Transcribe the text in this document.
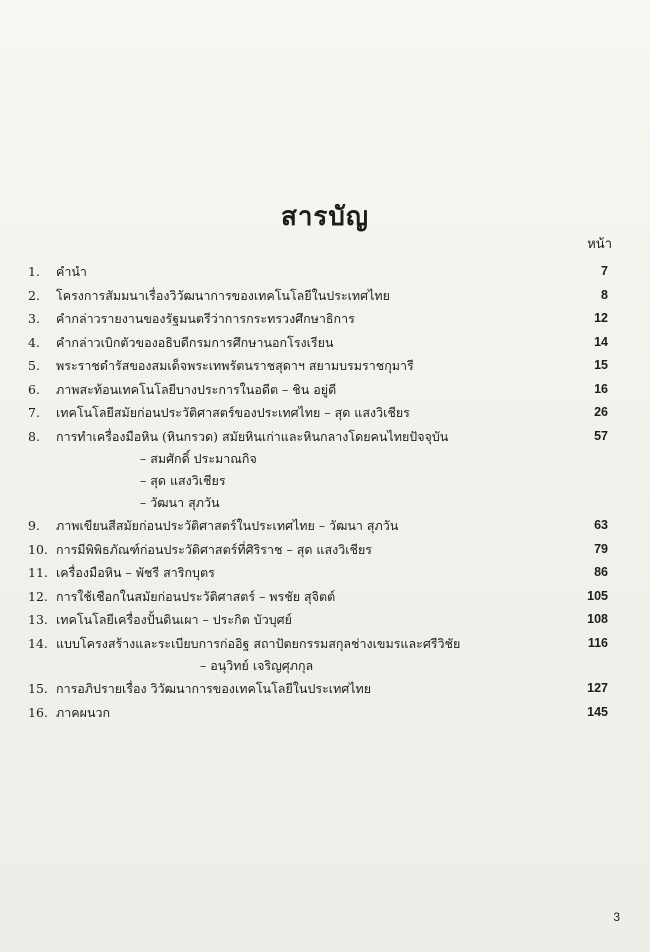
สารบัญ
หน้า
1.	คำนำ	7
2.	โครงการสัมมนาเรื่องวิวัฒนาการของเทคโนโลยีในประเทศไทย	8
3.	คำกล่าวรายงานของรัฐมนตรีว่าการกระทรวงศึกษาธิการ	12
4.	คำกล่าวเบิกตัวของอธิบดีกรมการศึกษานอกโรงเรียน	14
5.	พระราชดำรัสของสมเด็จพระเทพรัตนราชสุดาฯ สยามบรมราชกุมารี	15
6.	ภาพสะท้อนเทคโนโลยีบางประการในอดีต – ชิน อยู่ดี	16
7.	เทคโนโลยีสมัยก่อนประวัติศาสตร์ของประเทศไทย – สุด แสงวิเชียร	26
8.	การทำเครื่องมือหิน (หินกรวด) สมัยหินเก่าและหินกลางโดยคนไทยปัจจุบัน	57
– สมศักดิ์ ประมาณกิจ
– สุด แสงวิเชียร
– วัฒนา สุภวัน
9.	ภาพเขียนสีสมัยก่อนประวัติศาสตร์ในประเทศไทย – วัฒนา สุภวัน	63
10. การมีพิพิธภัณฑ์ก่อนประวัติศาสตร์ที่ศิริราช – สุด แสงวิเชียร	79
11. เครื่องมือหิน – พัชรี สาริกบุตร	86
12. การใช้เชือกในสมัยก่อนประวัติศาสตร์ – พรชัย สุจิตต์	105
13. เทคโนโลยีเครื่องปั้นดินเผา – ประกิต บัวบุศย์	108
14. แบบโครงสร้างและระเบียบการก่ออิฐ สถาปัตยกรรมสกุลช่างเขมรและศรีวิชัย	116
– อนุวิทย์ เจริญศุภกุล
15. การอภิปรายเรื่อง วิวัฒนาการของเทคโนโลยีในประเทศไทย	127
16. ภาคผนวก	145
3
